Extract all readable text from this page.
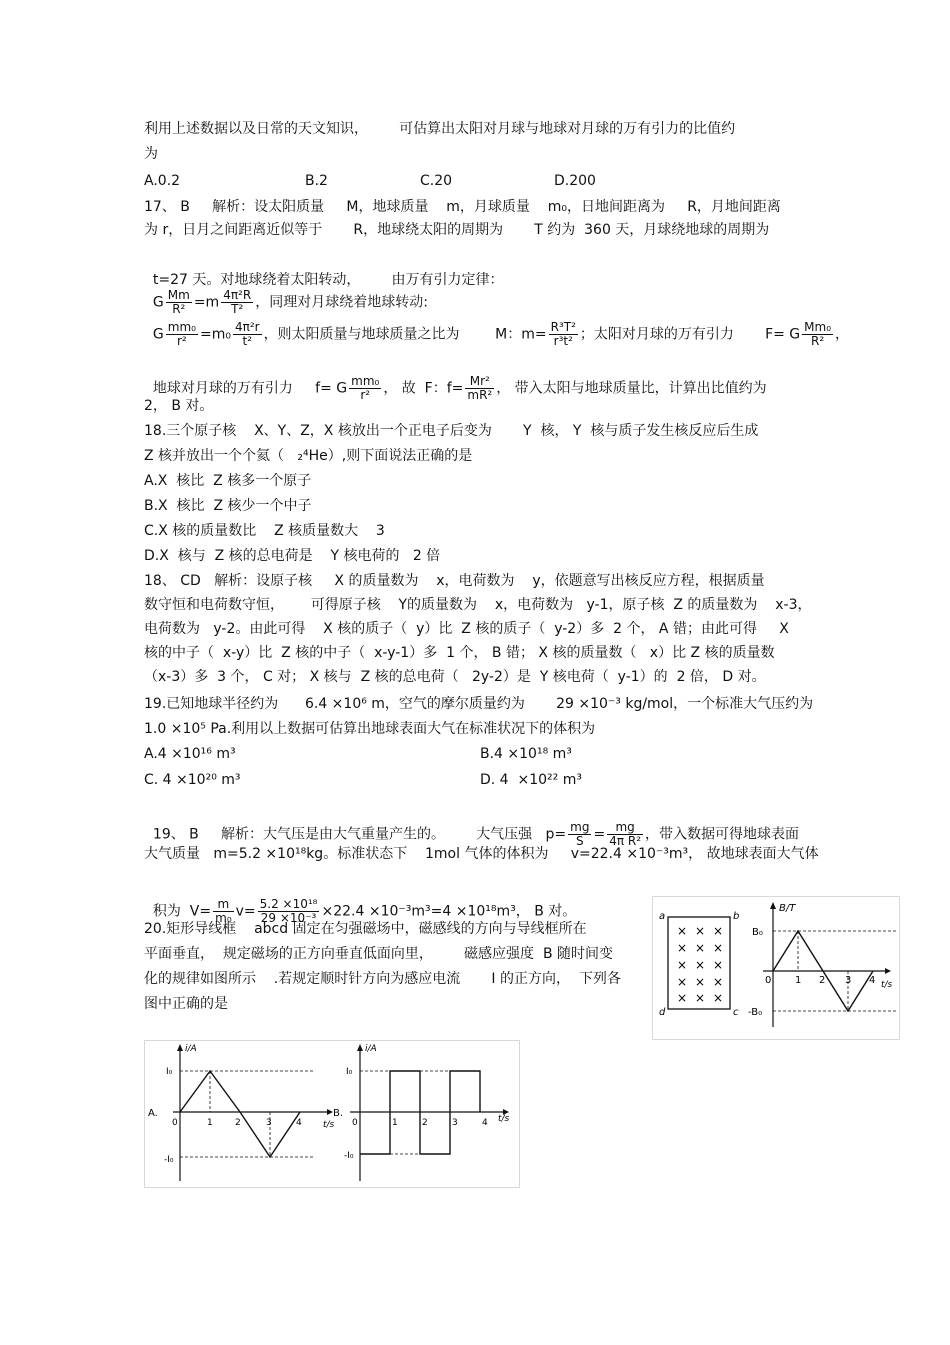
利用上述数据以及日常的天文知识，       可估算出太阳对月球与地球对月球的万有引力的比值约
为
A.0.2	B.2	C.20	D.200
17、 B     解析：设太阳质量     M，地球质量    m，月球质量    m₀，日地间距离为     R，月地间距离
为 r，日月之间距离近似等于       R，地球绕太阳的周期为       T 约为  360 天，月球绕地球的周期为

t=27 天。对地球绕着太阳转动，       由万有引力定律：
G $\frac{Mm}{\text{R²}} =m \frac{\text{4π²R}}{\text{T²}}$ ，同理对月球绕着地球转动:

G $\frac{\text{mm₀}}{\text{r²}} =m_0 \frac{\text{4π²r}}{\text{t²}}$ ，则太阳质量与地球质量之比为        M：$m= \frac{\text{R³T²}}{\text{r³t²}}$ ；太阳对月球的万有引力       F= G $\frac{\text{Mm₀}}{\text{R²}}$ ，

地球对月球的万有引力     f= G $\frac{\text{mm₀}}{\text{r²}}$ ， 故  F：$f= \frac{\text{Mr²}}{\text{mR²}}$ ， 带入太阳与地球质量比，计算出比值约为

2， B 对。
18.三个原子核    X、Y、Z，X 核放出一个正电子后变为       Y  核， Y  核与质子发生核反应后生成
Z 核并放出一个个氦（   ₂⁴He）,则下面说法正确的是
A.X  核比  Z 核多一个原子
B.X  核比  Z 核少一个中子
C.X 核的质量数比    Z 核质量数大    3
D.X  核与  Z 核的总电荷是    Y 核电荷的   2 倍
18、 CD   解析：设原子核     X 的质量数为    x，电荷数为    y，依题意写出核反应方程，根据质量
数守恒和电荷数守恒，      可得原子核    Y的质量数为    x，电荷数为   y-1，原子核  Z 的质量数为    x-3，
电荷数为   y-2。由此可得    X 核的质子（  y）比  Z 核的质子（  y-2）多  2 个， A 错；由此可得     X
核的中子（  x-y）比  Z 核的中子（  x-y-1）多  1 个， B 错； X 核的质量数（   x）比 Z 核的质量数
（x-3）多  3 个， C 对； X 核与  Z 核的总电荷（   2y-2）是  Y 核电荷（  y-1）的  2 倍， D 对。
19.已知地球半径约为      6.4 ×10⁶ m，空气的摩尔质量约为       29 ×10⁻³ kg/mol，一个标准大气压约为
1.0 ×10⁵ Pa.利用以上数据可估算出地球表面大气在标准状况下的体积为
A.4 ×10¹⁶ m³	B.4 ×10¹⁸ m³
C. 4 ×10²⁰ m³	D. 4  ×10²² m³

19、 B     解析：大气压是由大气重量产生的。       大气压强   $p= \frac{mg}{S} = \frac{mg}{\text{4π R²}}$ ，带入数据可得地球表面

大气质量   m=5.2 ×10¹⁸kg。标准状态下    1mol 气体的体积为     v=22.4 ×10⁻³m³， 故地球表面大气体

积为  $V= \frac{m}{\text{m₀}} v= \frac{\text{5.2 ×10¹⁸}}{\text{29 ×10⁻³}} \times 22.4 \times 10^{-3}m^3=4 \times 10^{18}m^3$， B 对。

20.矩形导线框    abcd 固定在匀强磁场中，磁感线的方向与导线框所在
平面垂直，  规定磁场的正方向垂直低面向里，       磁感应强度  B 随时间变
化的规律如图所示    .若规定顺时针方向为感应电流       I 的正方向，  下列各
图中正确的是
a	b
c
d
× × ×
× × ×
× × ×
× × ×
× × ×
B/T
t/s
B₀
-B₀
0 1 2 3 4
A.
i/A
t/s
I₀
-I₀
0	1 2	3	4
B.
i/A
t/s
I₀
-I₀
0	1	2	3	4
